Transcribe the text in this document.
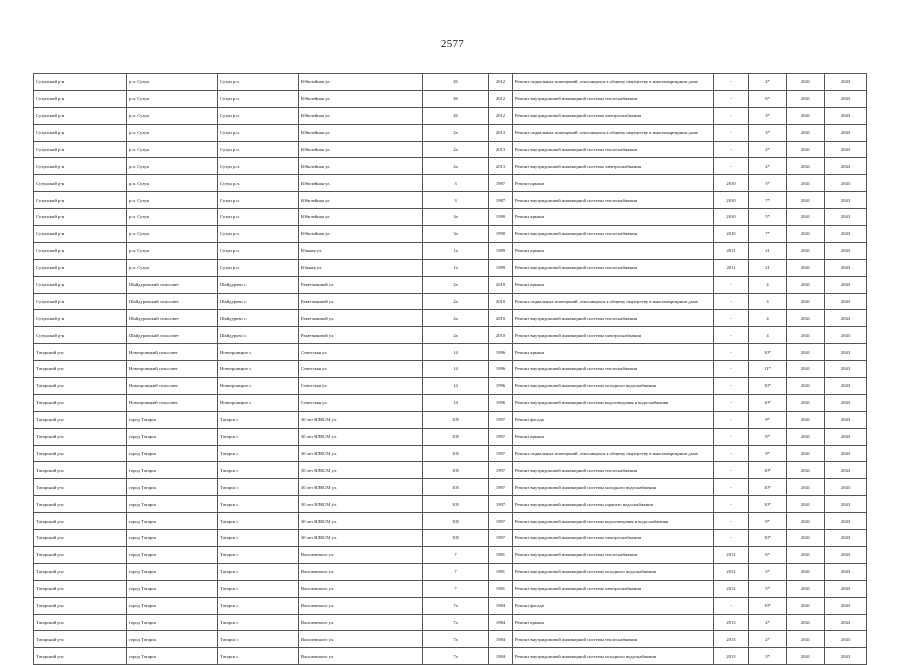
2577
Сузунский р-н	р.п. Сузун	Сузун р.п.	Юбилейная ул.	26	2012	Ремонт подвальных помещений, относящихся к общему имуществу в многоквартирном доме	-	2*	2041	2043
Сузунский р-н	р.п. Сузун	Сузун р.п.	Юбилейная ул.	26	2012	Ремонт внутридомовой инженерной системы теплоснабжения	-	6*	2041	2043
Сузунский р-н	р.п. Сузун	Сузун р.п.	Юбилейная ул.	26	2012	Ремонт внутридомовой инженерной системы электроснабжения	-	3*	2041	2043
Сузунский р-н	р.п. Сузун	Сузун р.п.	Юбилейная ул.	2а	2013	Ремонт подвальных помещений, относящихся к общему имуществу в многоквартирном доме	-	3*	2041	2043
Сузунский р-н	р.п. Сузун	Сузун р.п.	Юбилейная ул.	2а	2013	Ремонт внутридомовой инженерной системы теплоснабжения	-	2*	2041	2043
Сузунский р-н	р.п. Сузун	Сузун р.п.	Юбилейная ул.	2а	2013	Ремонт внутридомовой инженерной системы электроснабжения	-	2*	2041	2043
Сузунский р-н	р.п. Сузун	Сузун р.п.	Юбилейная ул.	3	1987	Ремонт крыши	2010	5*	2041	2043
Сузунский р-н	р.п. Сузун	Сузун р.п.	Юбилейная ул.	3	1987	Ремонт внутридомовой инженерной системы теплоснабжения	2010	7*	2041	2043
Сузунский р-н	р.п. Сузун	Сузун р.п.	Юбилейная ул.	3а	1990	Ремонт крыши	2010	5*	2041	2043
Сузунский р-н	р.п. Сузун	Сузун р.п.	Юбилейная ул.	3а	1990	Ремонт внутридомовой инженерной системы теплоснабжения	2010	7*	2041	2043
Сузунский р-н	р.п. Сузун	Сузун р.п.	Южная ул.	1а	1989	Ремонт крыши	2011	21	2041	2043
Сузунский р-н	р.п. Сузун	Сузун р.п.	Южная ул.	1а	1989	Ремонт внутридомовой инженерной системы теплоснабжения	2011	21	2041	2043
Сузунский р-н	Шайдуровский сельсовет	Шайдурово с.	Ракетчиковой ул.	2а	2010	Ремонт крыши	-	4	2041	2043
Сузунский р-н	Шайдуровский сельсовет	Шайдурово с.	Ракетчиковой ул.	2а	2010	Ремонт подвальных помещений, относящихся к общему имуществу в многоквартирном доме	-	4	2041	2043
Сузунский р-н	Шайдуровский сельсовет	Шайдурово с.	Ракетчиковой ул.	2а	2010	Ремонт внутридомовой инженерной системы теплоснабжения	-	4	2041	2043
Сузунский р-н	Шайдуровский сельсовет	Шайдурово с.	Ракетчиковой ул.	2а	2010	Ремонт внутридомовой инженерной системы электроснабжения	-	4	2041	2043
Татарский р-н	Новотроицкий сельсовет	Новотроицкое с.	Советская ул.	14	1996	Ремонт крыши	-	10*	2041	2043
Татарский р-н	Новотроицкий сельсовет	Новотроицкое с.	Советская ул.	14	1996	Ремонт внутридомовой инженерной системы теплоснабжения	-	11*	2041	2043
Татарский р-н	Новотроицкий сельсовет	Новотроицкое с.	Советская ул.	14	1996	Ремонт внутридомовой инженерной системы холодного водоснабжения	-	10*	2041	2043
Татарский р-н	Новотроицкий сельсовет	Новотроицкое с.	Советская ул.	14	1996	Ремонт внутридомовой инженерной системы водоотведения и водоснабжения	-	10*	2041	2043
Татарский р-н	город Татарск	Татарск г.	30 лет ВЛКСМ ул.	105	1997	Ремонт фасада	-	9*	2041	2043
Татарский р-н	город Татарск	Татарск г.	30 лет ВЛКСМ ул.	105	1997	Ремонт крыши	-	8*	2041	2043
Татарский р-н	город Татарск	Татарск г.	30 лет ВЛКСМ ул.	105	1997	Ремонт подвальных помещений, относящихся к общему имуществу в многоквартирном доме	-	9*	2041	2043
Татарский р-н	город Татарск	Татарск г.	30 лет ВЛКСМ ул.	105	1997	Ремонт внутридомовой инженерной системы теплоснабжения	-	10*	2041	2043
Татарский р-н	город Татарск	Татарск г.	30 лет ВЛКСМ ул.	105	1997	Ремонт внутридомовой инженерной системы холодного водоснабжения	-	10*	2041	2043
Татарский р-н	город Татарск	Татарск г.	30 лет ВЛКСМ ул.	105	1997	Ремонт внутридомовой инженерной системы горячего водоснабжения	-	10*	2041	2043
Татарский р-н	город Татарск	Татарск г.	30 лет ВЛКСМ ул.	105	1997	Ремонт внутридомовой инженерной системы водоотведения и водоснабжения	-	9*	2041	2043
Татарский р-н	город Татарск	Татарск г.	30 лет ВЛКСМ ул.	105	1997	Ремонт внутридомовой инженерной системы электроснабжения	-	10*	2041	2043
Татарский р-н	город Татарск	Татарск г.	Василевского ул.	7	1981	Ремонт внутридомовой инженерной системы теплоснабжения	2012	6*	2041	2043
Татарский р-н	город Татарск	Татарск г.	Василевского ул.	7	1981	Ремонт внутридомовой инженерной системы холодного водоснабжения	2012	5*	2041	2043
Татарский р-н	город Татарск	Татарск г.	Василевского ул.	7	1981	Ремонт внутридомовой инженерной системы электроснабжения	2012	5*	2041	2043
Татарский р-н	город Татарск	Татарск г.	Василевского ул.	7а	1984	Ремонт фасада	-	19*	2041	2043
Татарский р-н	город Татарск	Татарск г.	Василевского ул.	7а	1984	Ремонт крыши	2013	2*	2041	2043
Татарский р-н	город Татарск	Татарск г.	Василевского ул.	7а	1984	Ремонт внутридомовой инженерной системы теплоснабжения	2013	2*	2041	2043
Татарский р-н	город Татарск	Татарск г.	Василевского ул.	7а	1984	Ремонт внутридомовой инженерной системы холодного водоснабжения	2013	3*	2041	2043
